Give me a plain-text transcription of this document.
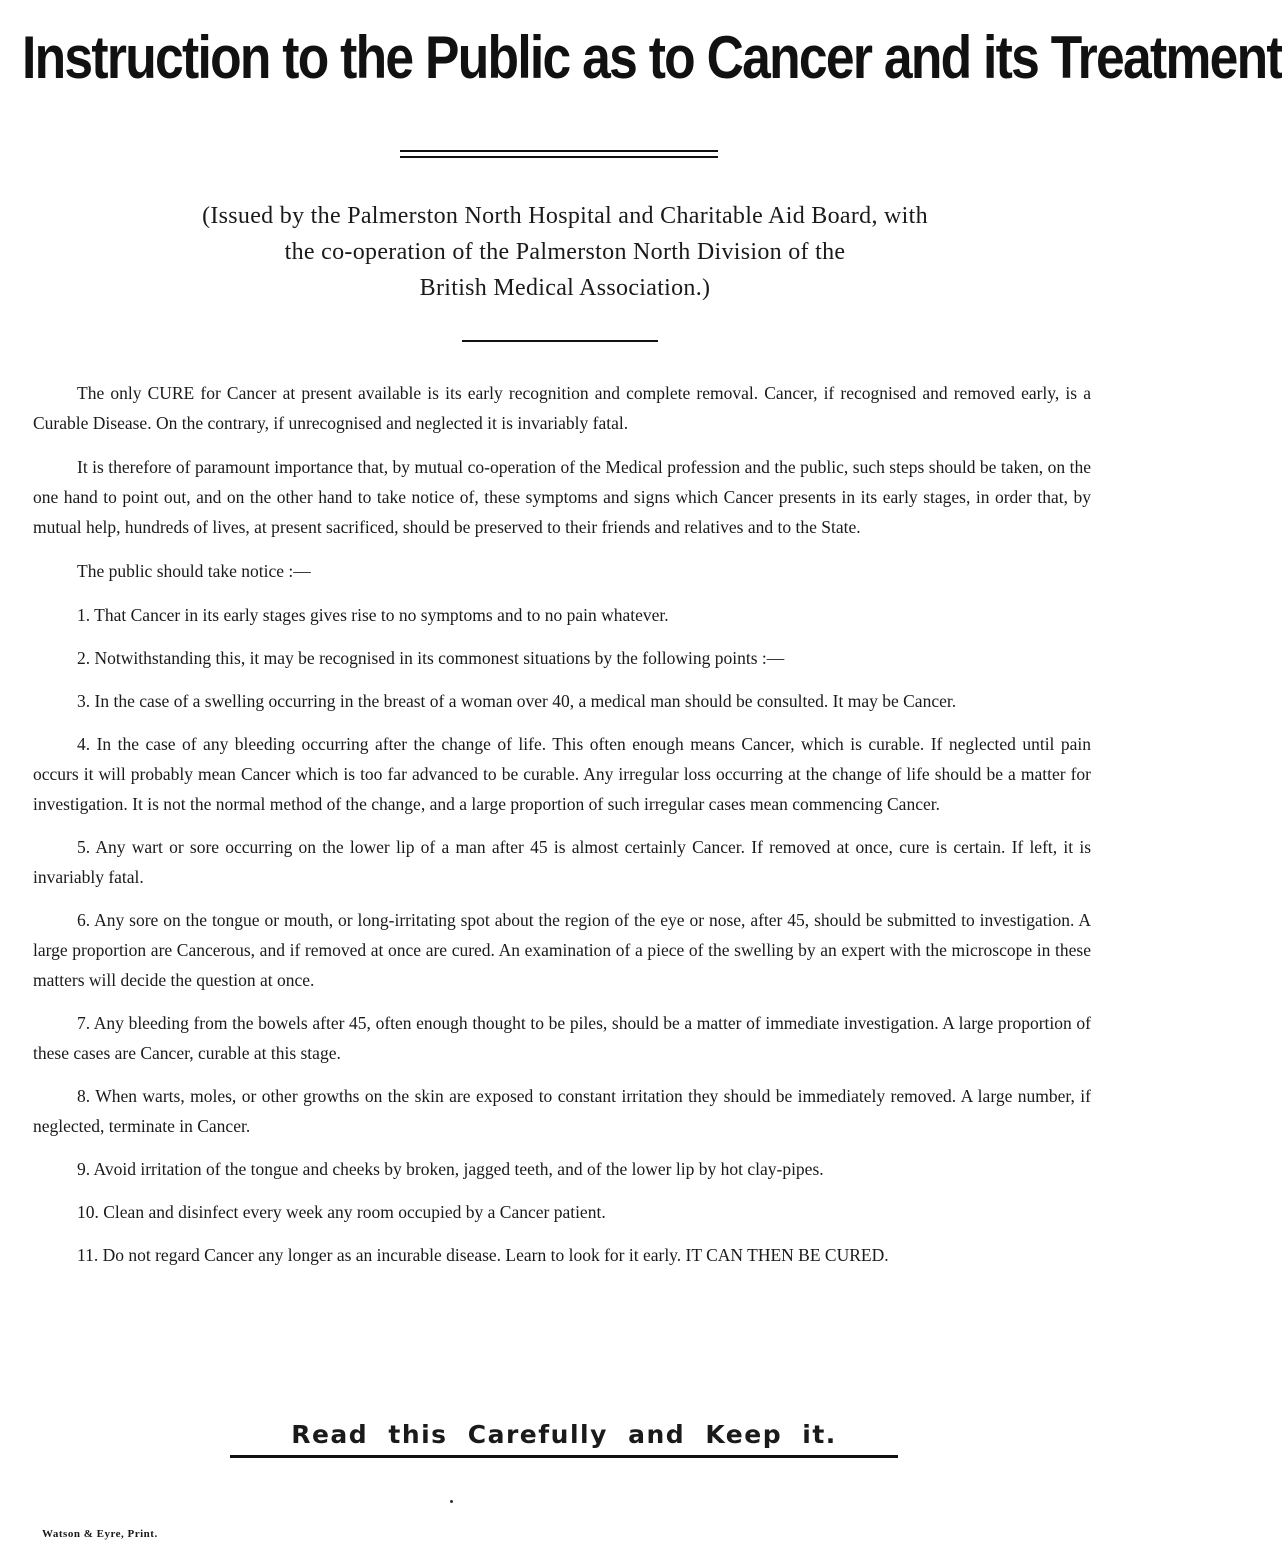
Instruction to the Public as to Cancer and its Treatment

(Issued by the Palmerston North Hospital and Charitable Aid Board, with

the co-operation of the Palmerston North Division of the

British Medical Association.)

The only CURE for Cancer at present available is its early recognition and complete removal. Cancer, if recognised and removed early, is a Curable Disease. On the contrary, if unrecognised and neglected it is invariably fatal.

It is therefore of paramount importance that, by mutual co-operation of the Medical profession and the public, such steps should be taken, on the one hand to point out, and on the other hand to take notice of, these symptoms and signs which Cancer presents in its early stages, in order that, by mutual help, hundreds of lives, at present sacrificed, should be preserved to their friends and relatives and to the State.

The public should take notice :—

1. That Cancer in its early stages gives rise to no symptoms and to no pain whatever.

2. Notwithstanding this, it may be recognised in its commonest situations by the following points :—

3. In the case of a swelling occurring in the breast of a woman over 40, a medical man should be consulted. It may be Cancer.

4. In the case of any bleeding occurring after the change of life. This often enough means Cancer, which is curable. If neglected until pain occurs it will probably mean Cancer which is too far advanced to be curable. Any irregular loss occurring at the change of life should be a matter for investigation. It is not the normal method of the change, and a large proportion of such irregular cases mean commencing Cancer.

5. Any wart or sore occurring on the lower lip of a man after 45 is almost certainly Cancer. If removed at once, cure is certain. If left, it is invariably fatal.

6. Any sore on the tongue or mouth, or long-irritating spot about the region of the eye or nose, after 45, should be submitted to investigation. A large proportion are Cancerous, and if removed at once are cured. An examination of a piece of the swelling by an expert with the microscope in these matters will decide the question at once.

7. Any bleeding from the bowels after 45, often enough thought to be piles, should be a matter of immediate investigation. A large proportion of these cases are Cancer, curable at this stage.

8. When warts, moles, or other growths on the skin are exposed to constant irritation they should be immediately removed. A large number, if neglected, terminate in Cancer.

9. Avoid irritation of the tongue and cheeks by broken, jagged teeth, and of the lower lip by hot clay-pipes.

10. Clean and disinfect every week any room occupied by a Cancer patient.

11. Do not regard Cancer any longer as an incurable disease. Learn to look for it early. IT CAN THEN BE CURED.

Read this Carefully and Keep it.
Watson & Eyre, Print.
